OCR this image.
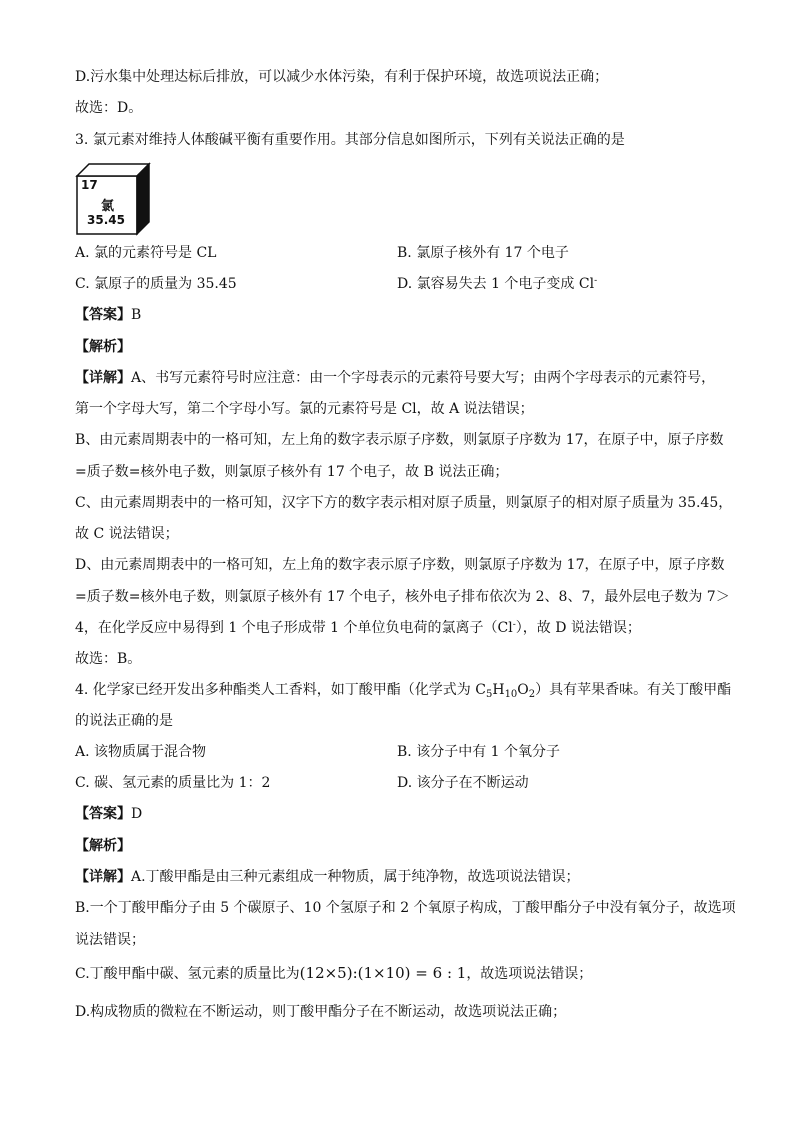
D.污水集中处理达标后排放，可以减少水体污染，有利于保护环境，故选项说法正确；
故选：D。
3. 氯元素对维持人体酸碱平衡有重要作用。其部分信息如图所示，下列有关说法正确的是
17
氯
35.45
A. 氯的元素符号是 CL	B. 氯原子核外有 17 个电子
C. 氯原子的质量为 35.45	D. 氯容易失去 1 个电子变成 Cl-
【答案】B
【解析】
【详解】A、书写元素符号时应注意：由一个字母表示的元素符号要大写；由两个字母表示的元素符号，
第一个字母大写，第二个字母小写。氯的元素符号是 Cl，故 A 说法错误；
B、由元素周期表中的一格可知，左上角的数字表示原子序数，则氯原子序数为 17，在原子中，原子序数
=质子数=核外电子数，则氯原子核外有 17 个电子，故 B 说法正确；
C、由元素周期表中的一格可知，汉字下方的数字表示相对原子质量，则氯原子的相对原子质量为 35.45，
故 C 说法错误；
D、由元素周期表中的一格可知，左上角的数字表示原子序数，则氯原子序数为 17，在原子中，原子序数
=质子数=核外电子数，则氯原子核外有 17 个电子，核外电子排布依次为 2、8、7，最外层电子数为 7＞
4，在化学反应中易得到 1 个电子形成带 1 个单位负电荷的氯离子（Cl-），故 D 说法错误；
故选：B。
4. 化学家已经开发出多种酯类人工香料，如丁酸甲酯（化学式为 $C_5H_{10}O_2$）具有苹果香味。有关丁酸甲酯
的说法正确的是
A. 该物质属于混合物	B. 该分子中有 1 个氧分子
C. 碳、氢元素的质量比为 1：2	D. 该分子在不断运动
【答案】D
【解析】
【详解】A.丁酸甲酯是由三种元素组成一种物质，属于纯净物，故选项说法错误；
B.一个丁酸甲酯分子由 5 个碳原子、10 个氢原子和 2 个氧原子构成，丁酸甲酯分子中没有氧分子，故选项
说法错误；
C.丁酸甲酯中碳、氢元素的质量比为(12×5):(1×10) = 6 : 1，故选项说法错误；
D.构成物质的微粒在不断运动，则丁酸甲酯分子在不断运动，故选项说法正确；
